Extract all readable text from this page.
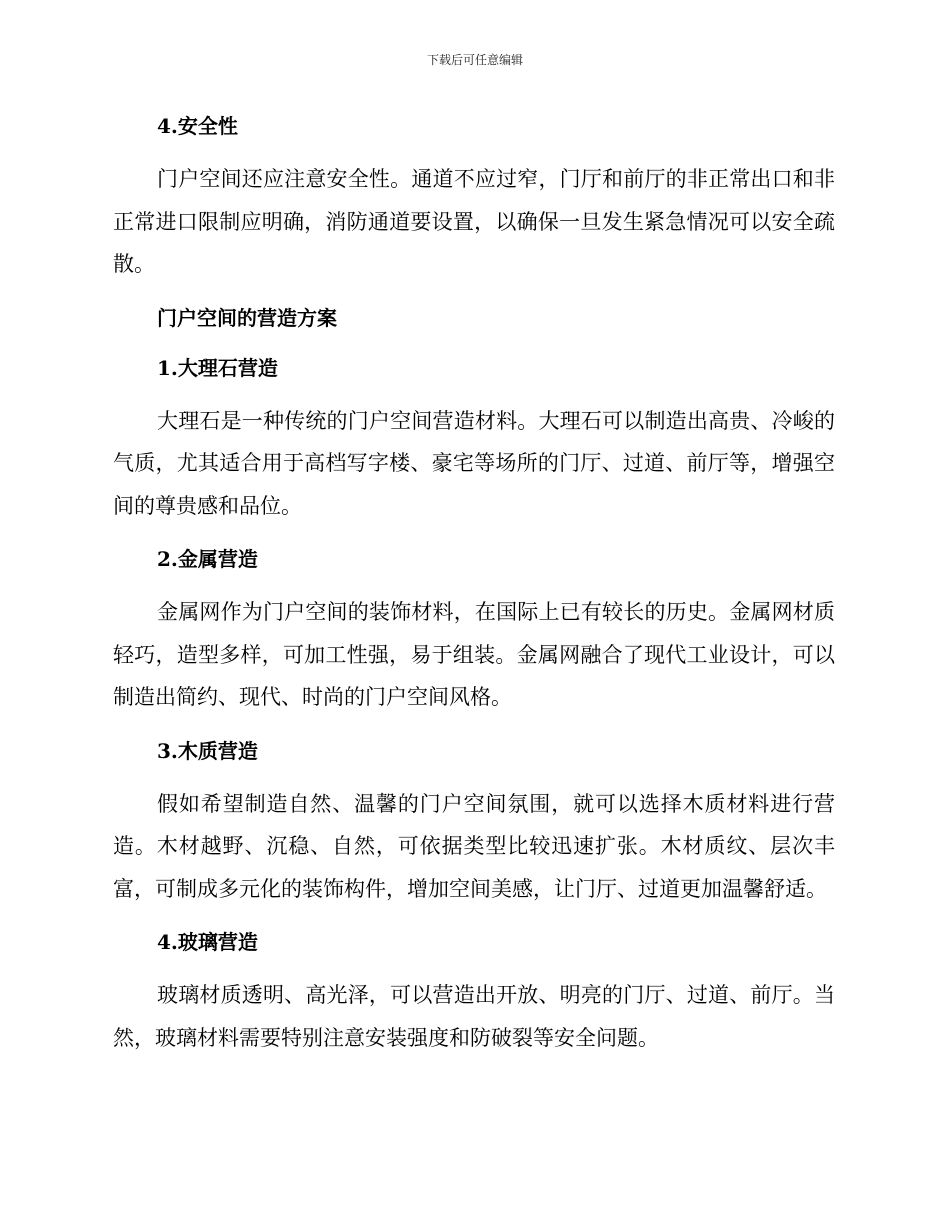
下载后可任意编辑
4.安全性

门户空间还应注意安全性。通道不应过窄，门厅和前厅的非正常出口和非正常进口限制应明确，消防通道要设置，以确保一旦发生紧急情况可以安全疏散。

门户空间的营造方案
1.大理石营造

大理石是一种传统的门户空间营造材料。大理石可以制造出高贵、冷峻的气质，尤其适合用于高档写字楼、豪宅等场所的门厅、过道、前厅等，增强空间的尊贵感和品位。

2.金属营造

金属网作为门户空间的装饰材料，在国际上已有较长的历史。金属网材质轻巧，造型多样，可加工性强，易于组装。金属网融合了现代工业设计，可以制造出简约、现代、时尚的门户空间风格。

3.木质营造

假如希望制造自然、温馨的门户空间氛围，就可以选择木质材料进行营造。木材越野、沉稳、自然，可依据类型比较迅速扩张。木材质纹、层次丰富，可制成多元化的装饰构件，增加空间美感，让门厅、过道更加温馨舒适。

4.玻璃营造

玻璃材质透明、高光泽，可以营造出开放、明亮的门厅、过道、前厅。当然，玻璃材料需要特别注意安装强度和防破裂等安全问题。
